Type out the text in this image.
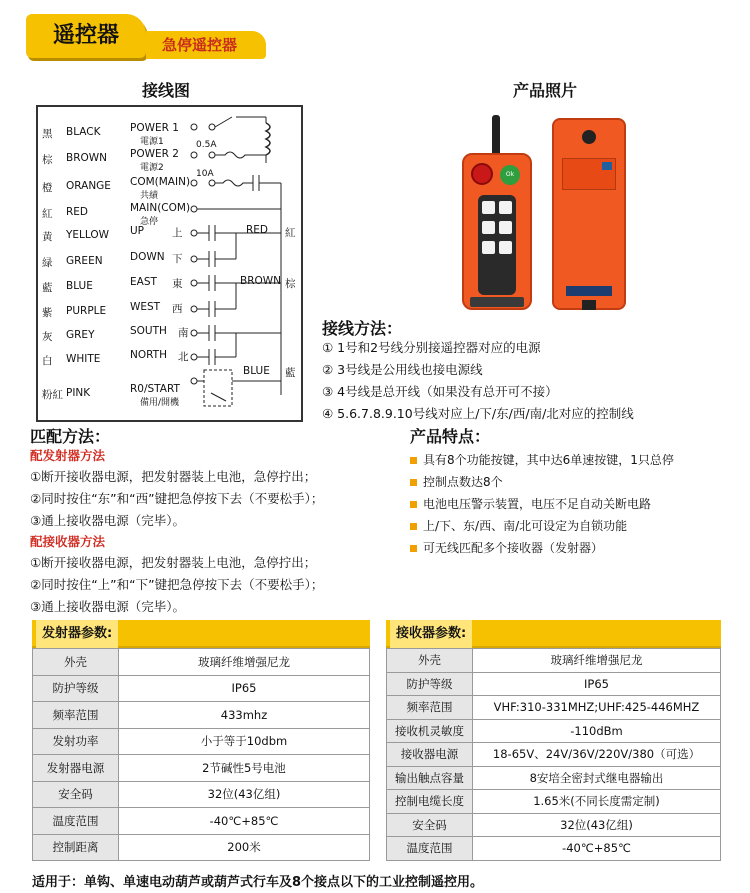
遥控器	急停遥控器
接线图	产品照片
黑 BLACK	POWER 1
電源1
棕 BROWN POWER 2
電源2
橙 ORANGE COM(MAIN)
共績
紅 RED	MAIN(COM)
急停
黄 YELLOW UP	上
緑 GREEN	DOWN 下
藍 BLUE	EAST 東
紫 PURPLE WEST 西
灰 GREY	SOUTH 南
白 WHITE	NORTH 北
粉紅 PINK	R0/START
備用/開機
0.5A
10A
RED 紅
BROWN 棕
BLUE 藍
Ok
接线方法：
① 1号和2号线分别接遥控器对应的电源
② 3号线是公用线也接电源线
③ 4号线是总开线（如果没有总开可不接）
④ 5.6.7.8.9.10号线对应上/下/东/西/南/北对应的控制线
匹配方法：
配发射器方法
①断开接收器电源，把发射器装上电池，急停拧出；
②同时按住“东”和“西”键把急停按下去（不要松手）；
③通上接收器电源（完毕）。
配接收器方法
①断开接收器电源，把发射器装上电池，急停拧出；
②同时按住“上”和“下”键把急停按下去（不要松手）；
③通上接收器电源（完毕）。
产品特点：
具有8个功能按键，其中达6单速按键，1只总停
控制点数达8个
电池电压警示装置，电压不足自动关断电路
上/下、东/西、南/北可设定为自锁功能
可无线匹配多个接收器（发射器）
发射器参数:
外壳	玻璃纤维增强尼龙
防护等级	IP65
频率范围	433mhz
发射功率	小于等于10dbm
发射器电源	2节碱性5号电池
安全码	32位(43亿组)
温度范围	-40℃+85℃
控制距离	200米
接收器参数:
外壳	玻璃纤维增强尼龙
防护等级	IP65
频率范围	VHF:310-331MHZ;UHF:425-446MHZ
接收机灵敏度	-110dBm
接收器电源	18-65V、24V/36V/220V/380（可选）
输出触点容量	8安培全密封式继电器输出
控制电缆长度	1.65米(不同长度需定制)
安全码	32位(43亿组)
温度范围	-40℃+85℃
适用于：单钩、单速电动葫芦或葫芦式行车及8个接点以下的工业控制遥控用。
